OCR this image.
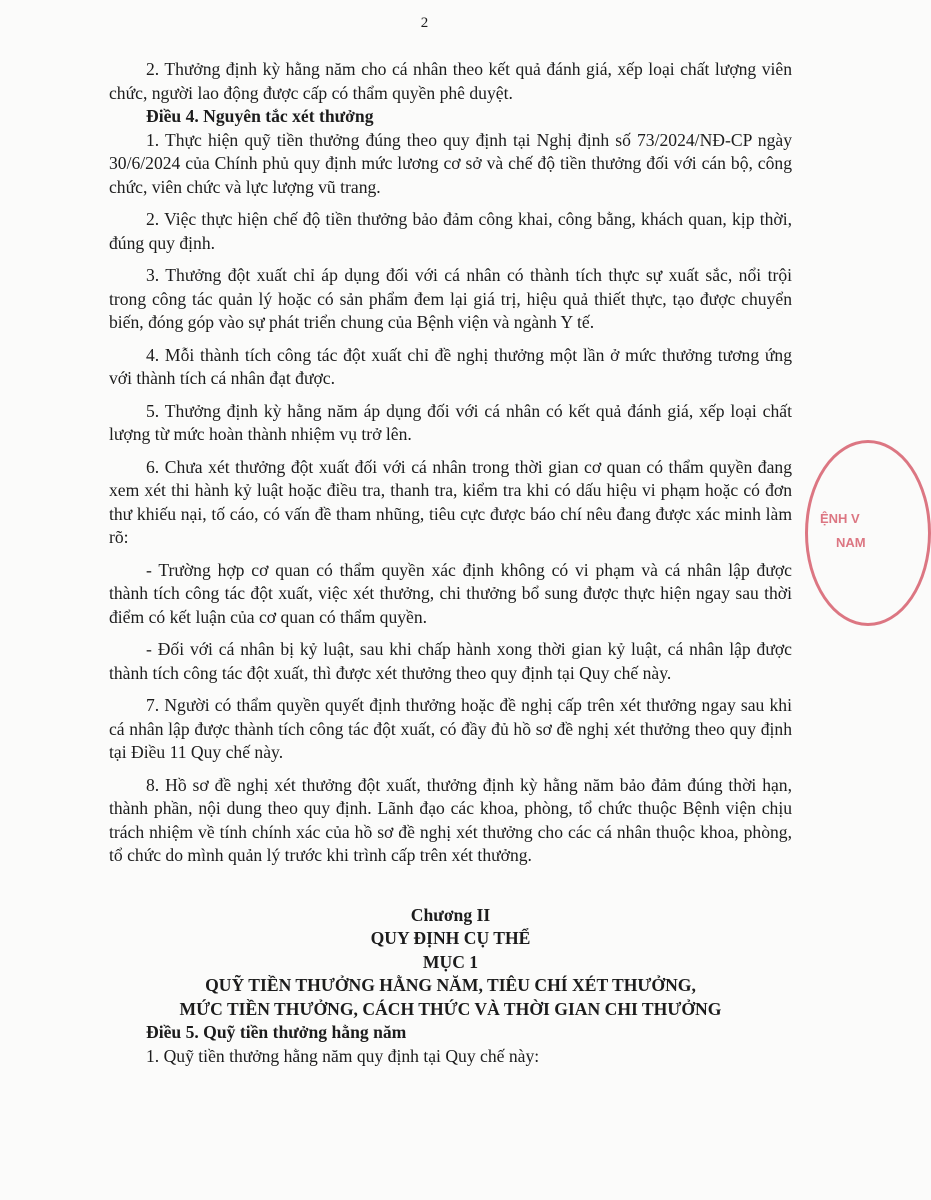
2

2. Thưởng định kỳ hằng năm cho cá nhân theo kết quả đánh giá, xếp loại chất lượng viên chức, người lao động được cấp có thẩm quyền phê duyệt.

Điều 4. Nguyên tắc xét thưởng

1. Thực hiện quỹ tiền thưởng đúng theo quy định tại Nghị định số 73/2024/NĐ-CP ngày 30/6/2024 của Chính phủ quy định mức lương cơ sở và chế độ tiền thưởng đối với cán bộ, công chức, viên chức và lực lượng vũ trang.

2. Việc thực hiện chế độ tiền thưởng bảo đảm công khai, công bằng, khách quan, kịp thời, đúng quy định.

3. Thưởng đột xuất chỉ áp dụng đối với cá nhân có thành tích thực sự xuất sắc, nổi trội trong công tác quản lý hoặc có sản phẩm đem lại giá trị, hiệu quả thiết thực, tạo được chuyển biến, đóng góp vào sự phát triển chung của Bệnh viện và ngành Y tế.

4. Mỗi thành tích công tác đột xuất chỉ đề nghị thưởng một lần ở mức thưởng tương ứng với thành tích cá nhân đạt được.

5. Thưởng định kỳ hằng năm áp dụng đối với cá nhân có kết quả đánh giá, xếp loại chất lượng từ mức hoàn thành nhiệm vụ trở lên.

6. Chưa xét thưởng đột xuất đối với cá nhân trong thời gian cơ quan có thẩm quyền đang xem xét thi hành kỷ luật hoặc điều tra, thanh tra, kiểm tra khi có dấu hiệu vi phạm hoặc có đơn thư khiếu nại, tố cáo, có vấn đề tham nhũng, tiêu cực được báo chí nêu đang được xác minh làm rõ:

- Trường hợp cơ quan có thẩm quyền xác định không có vi phạm và cá nhân lập được thành tích công tác đột xuất, việc xét thưởng, chi thưởng bổ sung được thực hiện ngay sau thời điểm có kết luận của cơ quan có thẩm quyền.

- Đối với cá nhân bị kỷ luật, sau khi chấp hành xong thời gian kỷ luật, cá nhân lập được thành tích công tác đột xuất, thì được xét thưởng theo quy định tại Quy chế này.

7. Người có thẩm quyền quyết định thưởng hoặc đề nghị cấp trên xét thưởng ngay sau khi cá nhân lập được thành tích công tác đột xuất, có đầy đủ hồ sơ đề nghị xét thưởng theo quy định tại Điều 11 Quy chế này.

8. Hồ sơ đề nghị xét thưởng đột xuất, thưởng định kỳ hằng năm bảo đảm đúng thời hạn, thành phần, nội dung theo quy định. Lãnh đạo các khoa, phòng, tổ chức thuộc Bệnh viện chịu trách nhiệm về tính chính xác của hồ sơ đề nghị xét thưởng cho các cá nhân thuộc khoa, phòng, tổ chức do mình quản lý trước khi trình cấp trên xét thưởng.

Chương II
QUY ĐỊNH CỤ THỂ
MỤC 1
QUỸ TIỀN THƯỞNG HẰNG NĂM, TIÊU CHÍ XÉT THƯỞNG,
MỨC TIỀN THƯỞNG, CÁCH THỨC VÀ THỜI GIAN CHI THƯỞNG
Điều 5. Quỹ tiền thưởng hằng năm

1. Quỹ tiền thưởng hằng năm quy định tại Quy chế này:

ỆNH V
NAM
